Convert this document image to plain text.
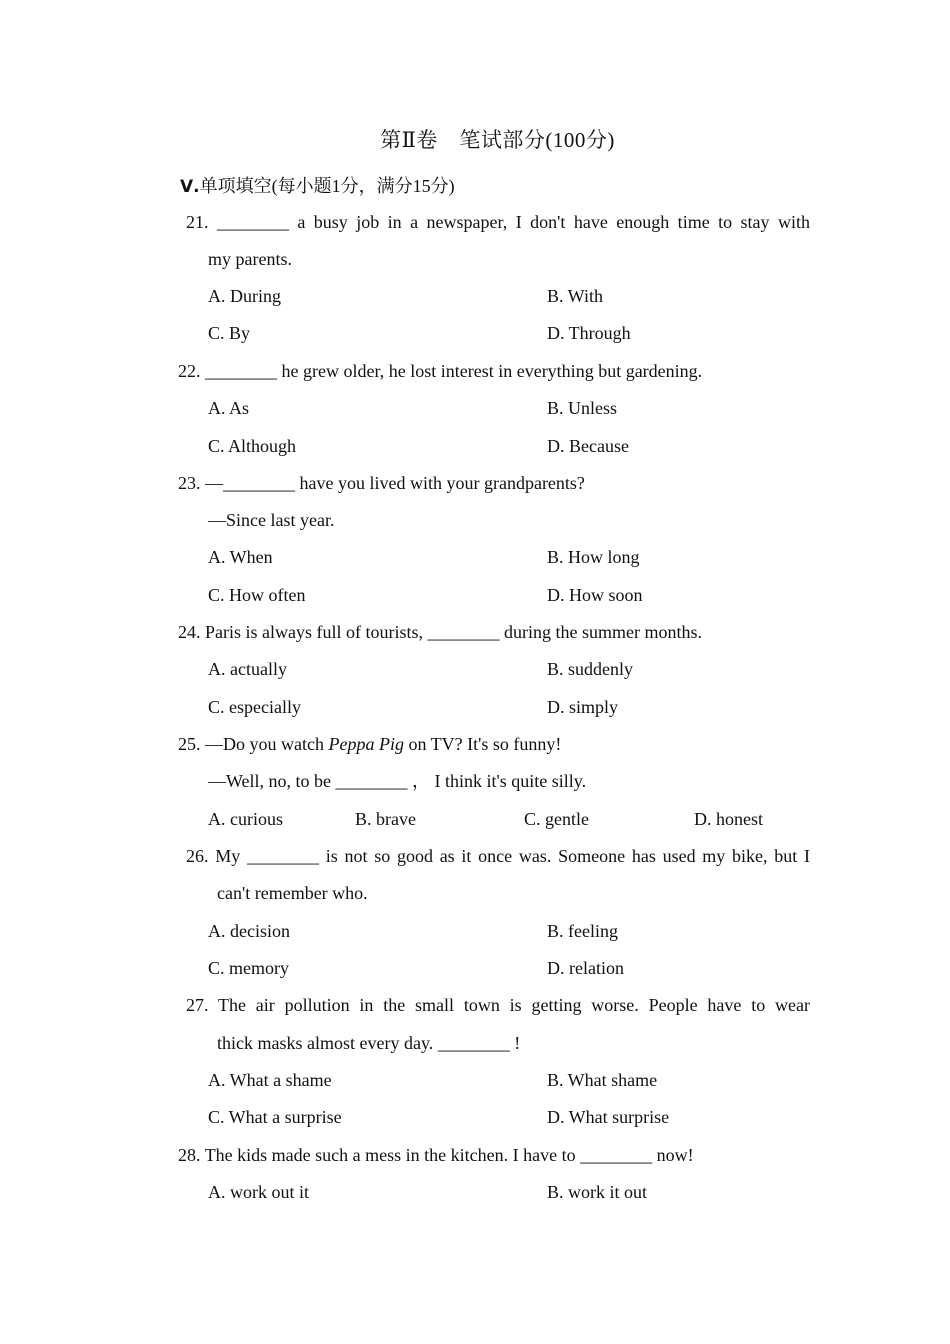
第Ⅱ卷　笔试部分(100分)
Ⅴ.单项填空(每小题1分，满分15分)
21. ________ a busy job in a newspaper, I don't have enough time to stay with
my parents.
A. During	B. With
C. By	D. Through
22. ________ he grew older, he lost interest in everything but gardening.
A. As	B. Unless
C. Although	D. Because
23. —________ have you lived with your grandparents?
—Since last year.
A. When	B. How long
C. How often	D. How soon
24. Paris is always full of tourists, ________ during the summer months.
A. actually	B. suddenly
C. especially	D. simply
25. —Do you watch Peppa Pig on TV? It's so funny!
—Well, no, to be ________ ， I think it's quite silly.
A. curious	B. brave	C. gentle	D. honest
26. My ________ is not so good as it once was. Someone has used my bike, but I
can't remember who.
A. decision	B. feeling
C. memory	D. relation
27. The air pollution in the small town is getting worse. People have to wear
thick masks almost every day. ________ !
A. What a shame	B. What shame
C. What a surprise	D. What surprise
28. The kids made such a mess in the kitchen. I have to ________ now!
A. work out it	B. work it out
